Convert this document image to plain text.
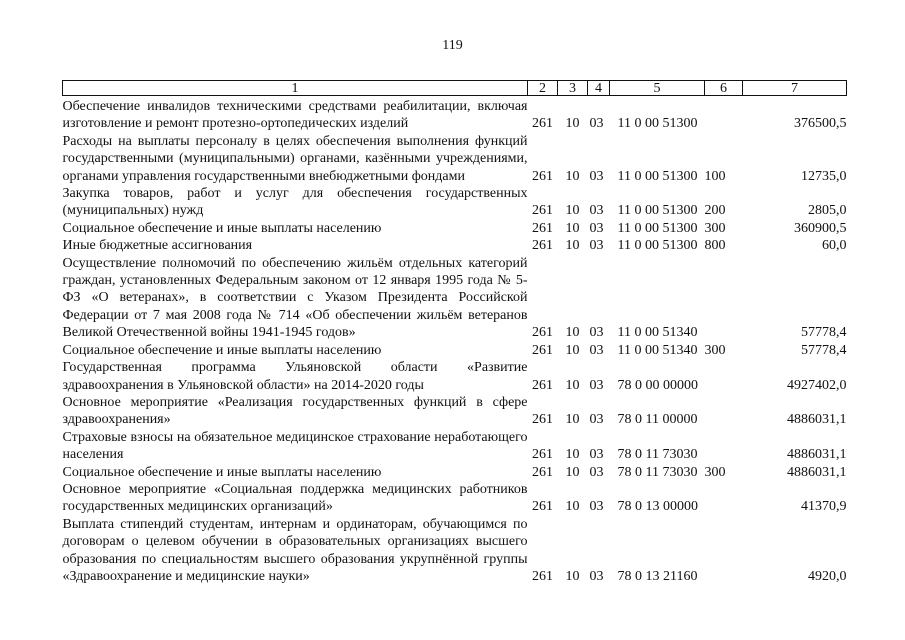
119
1	2	3	4	5	6	7
Обеспечение инвалидов техническими средствами реабилитации, включая изготовление и ремонт протезно-ортопедических изделий	261	10	03	11 0 00 51300		376500,5
Расходы на выплаты персоналу в целях обеспечения выполнения функций государственными (муниципальными) органами, казёнными учреждениями, органами управления государственными внебюджетными фондами	261	10	03	11 0 00 51300	100	12735,0
Закупка товаров, работ и услуг для обеспечения государственных (муниципальных) нужд	261	10	03	11 0 00 51300	200	2805,0
Социальное обеспечение и иные выплаты населению	261	10	03	11 0 00 51300	300	360900,5
Иные бюджетные ассигнования	261	10	03	11 0 00 51300	800	60,0
Осуществление полномочий по обеспечению жильём отдельных категорий граждан, установленных Федеральным законом от 12 января 1995 года № 5-ФЗ «О ветеранах», в соответствии с Указом Президента Российской Федерации от 7 мая 2008 года № 714 «Об обеспечении жильём ветеранов Великой Отечественной войны 1941-1945 годов»	261	10	03	11 0 00 51340		57778,4
Социальное обеспечение и иные выплаты населению	261	10	03	11 0 00 51340	300	57778,4
Государственная программа Ульяновской области «Развитие здравоохранения в Ульяновской области» на 2014-2020 годы	261	10	03	78 0 00 00000		4927402,0
Основное мероприятие «Реализация государственных функций в сфере здравоохранения»	261	10	03	78 0 11 00000		4886031,1
Страховые взносы на обязательное медицинское страхование неработающего населения	261	10	03	78 0 11 73030		4886031,1
Социальное обеспечение и иные выплаты населению	261	10	03	78 0 11 73030	300	4886031,1
Основное мероприятие «Социальная поддержка медицинских работников государственных медицинских организаций»	261	10	03	78 0 13 00000		41370,9
Выплата стипендий студентам, интернам и ординаторам, обучающимся по договорам о целевом обучении в образовательных организациях высшего образования по специальностям высшего образования укрупнённой группы «Здравоохранение и медицинские науки»	261	10	03	78 0 13 21160		4920,0
